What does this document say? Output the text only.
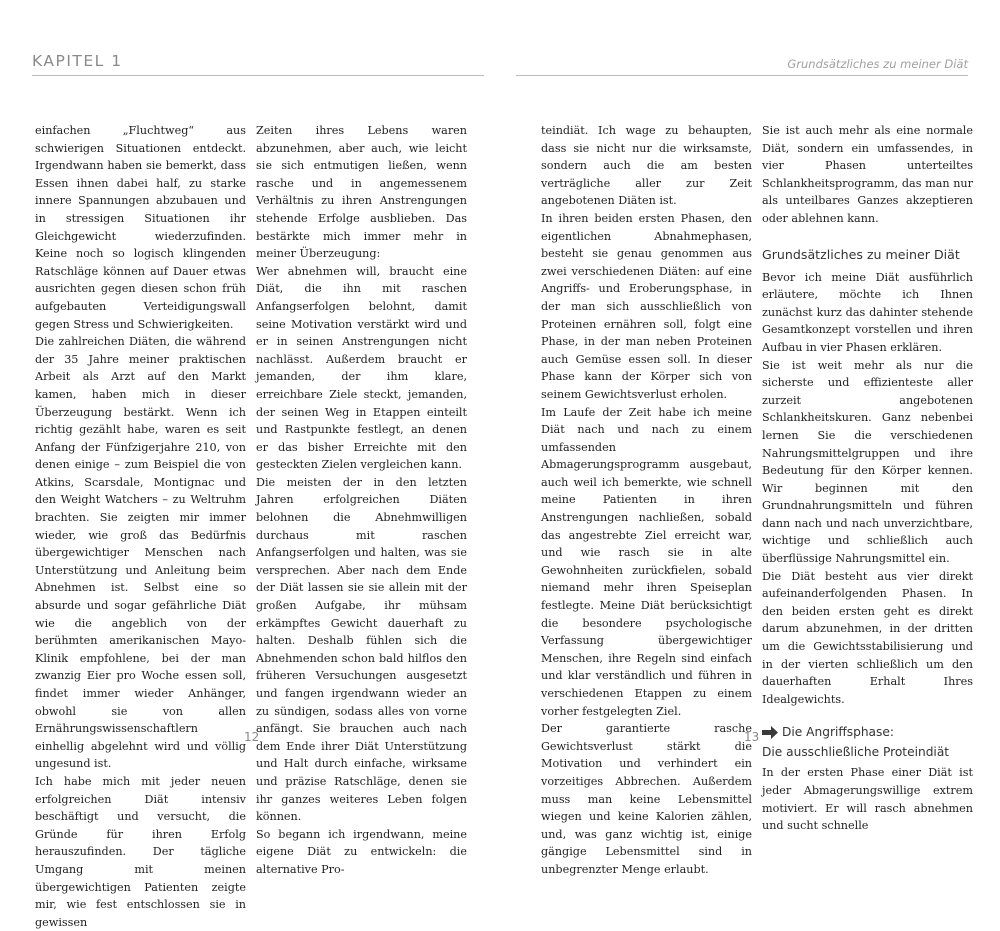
KAPITEL 1	Grundsätzliches zu meiner Diät

einfachen „Fluchtweg“ aus schwierigen Situationen entdeckt. Irgendwann haben sie bemerkt, dass Essen ihnen dabei half, zu starke innere Spannungen abzubauen und in stressigen Situationen ihr Gleichgewicht wiederzufinden. Keine noch so logisch klingenden Ratschläge können auf Dauer etwas ausrichten gegen diesen schon früh aufgebauten Verteidigungswall gegen Stress und Schwierigkeiten.

Die zahlreichen Diäten, die während der 35 Jahre meiner praktischen Arbeit als Arzt auf den Markt kamen, haben mich in dieser Überzeugung bestärkt. Wenn ich richtig gezählt habe, waren es seit Anfang der Fünfzigerjahre 210, von denen einige – zum Beispiel die von Atkins, Scarsdale, Montignac und den Weight Watchers – zu Weltruhm brachten. Sie zeigten mir immer wieder, wie groß das Bedürfnis übergewichtiger Menschen nach Unterstützung und Anleitung beim Abnehmen ist. Selbst eine so absurde und sogar gefährliche Diät wie die angeblich von der berühmten amerikanischen Mayo-Klinik empfohlene, bei der man zwanzig Eier pro Woche essen soll, findet immer wieder Anhänger, obwohl sie von allen Ernährungswissenschaftlern einhellig abgelehnt wird und völlig ungesund ist.

Ich habe mich mit jeder neuen erfolgreichen Diät intensiv beschäftigt und versucht, die Gründe für ihren Erfolg herauszufinden. Der tägliche Umgang mit meinen übergewichtigen Patienten zeigte mir, wie fest entschlossen sie in gewissen

Zeiten ihres Lebens waren abzunehmen, aber auch, wie leicht sie sich entmutigen ließen, wenn rasche und in angemessenem Verhältnis zu ihren Anstrengungen stehende Erfolge ausblieben. Das bestärkte mich immer mehr in meiner Überzeugung:

Wer abnehmen will, braucht eine Diät, die ihn mit raschen Anfangserfolgen belohnt, damit seine Motivation verstärkt wird und er in seinen Anstrengungen nicht nachlässt. Außerdem braucht er jemanden, der ihm klare, erreichbare Ziele steckt, jemanden, der seinen Weg in Etappen einteilt und Rastpunkte festlegt, an denen er das bisher Erreichte mit den gesteckten Zielen vergleichen kann.

Die meisten der in den letzten Jahren erfolgreichen Diäten belohnen die Abnehmwilligen durchaus mit raschen Anfangserfolgen und halten, was sie versprechen. Aber nach dem Ende der Diät lassen sie sie allein mit der großen Aufgabe, ihr mühsam erkämpftes Gewicht dauerhaft zu halten. Deshalb fühlen sich die Abnehmenden schon bald hilflos den früheren Versuchungen ausgesetzt und fangen irgendwann wieder an zu sündigen, sodass alles von vorne anfängt. Sie brauchen auch nach dem Ende ihrer Diät Unterstützung und Halt durch einfache, wirksame und präzise Ratschläge, denen sie ihr ganzes weiteres Leben folgen können.

So begann ich irgendwann, meine eigene Diät zu entwickeln: die alternative Pro-

teindiät. Ich wage zu behaupten, dass sie nicht nur die wirksamste, sondern auch die am besten verträgliche aller zur Zeit angebotenen Diäten ist.

In ihren beiden ersten Phasen, den eigentlichen Abnahmephasen, besteht sie genau genommen aus zwei verschiedenen Diäten: auf eine Angriffs- und Eroberungsphase, in der man sich ausschließlich von Proteinen ernähren soll, folgt eine Phase, in der man neben Proteinen auch Gemüse essen soll. In dieser Phase kann der Körper sich von seinem Gewichtsverlust erholen.

Im Laufe der Zeit habe ich meine Diät nach und nach zu einem umfassenden Abmagerungsprogramm ausgebaut, auch weil ich bemerkte, wie schnell meine Patienten in ihren Anstrengungen nachließen, sobald das angestrebte Ziel erreicht war, und wie rasch sie in alte Gewohnheiten zurückfielen, sobald niemand mehr ihren Speiseplan festlegte. Meine Diät berücksichtigt die besondere psychologische Verfassung übergewichtiger Menschen, ihre Regeln sind einfach und klar verständlich und führen in verschiedenen Etappen zu einem vorher festgelegten Ziel.

Der garantierte rasche Gewichtsverlust stärkt die Motivation und verhindert ein vorzeitiges Abbrechen. Außerdem muss man keine Lebensmittel wiegen und keine Kalorien zählen, und, was ganz wichtig ist, einige gängige Lebensmittel sind in unbegrenzter Menge erlaubt.

Sie ist auch mehr als eine normale Diät, sondern ein umfassendes, in vier Phasen unterteiltes Schlankheitsprogramm, das man nur als unteilbares Ganzes akzeptieren oder ablehnen kann.

Grundsätzliches zu meiner Diät

Bevor ich meine Diät ausführlich erläutere, möchte ich Ihnen zunächst kurz das dahinter stehende Gesamtkonzept vorstellen und ihren Aufbau in vier Phasen erklären.

Sie ist weit mehr als nur die sicherste und effizienteste aller zurzeit angebotenen Schlankheitskuren. Ganz nebenbei lernen Sie die verschiedenen Nahrungsmittelgruppen und ihre Bedeutung für den Körper kennen. Wir beginnen mit den Grundnahrungsmitteln und führen dann nach und nach unverzichtbare, wichtige und schließlich auch überflüssige Nahrungsmittel ein.

Die Diät besteht aus vier direkt aufeinanderfolgenden Phasen. In den beiden ersten geht es direkt darum abzunehmen, in der dritten um die Gewichtsstabilisierung und in der vierten schließlich um den dauerhaften Erhalt Ihres Idealgewichts.

Die Angriffsphase:
Die ausschließliche Proteindiät

In der ersten Phase einer Diät ist jeder Abmagerungswillige extrem motiviert. Er will rasch abnehmen und sucht schnelle

12	13
